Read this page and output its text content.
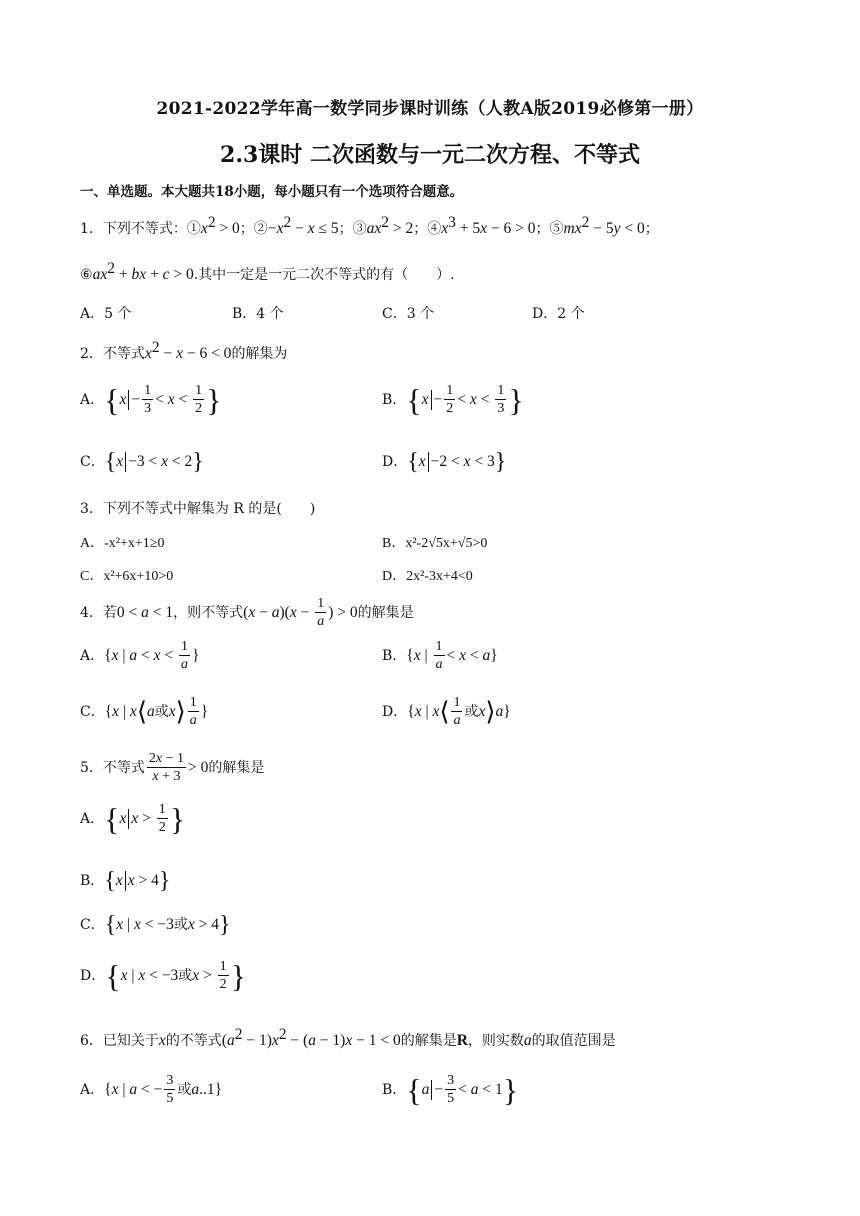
2021-2022学年高一数学同步课时训练（人教A版2019必修第一册）
2.3课时 二次函数与一元二次方程、不等式
一、单选题。本大题共18小题，每小题只有一个选项符合题意。
1．下列不等式：$①x^2 > 0$；$②-x^2 - x \le 5$；$③ax^2 > 2$；$④x^3 + 5x - 6 > 0$；$⑤mx^2 - 5y < 0$；
$⑥ax^2$ + bx + c > 0.其中一定是一元二次不等式的有（　　）.
A．5 个	B．4 个	C．3 个	D．2 个
2．不等式$x^2 - x - 6 < 0$的解集为
A．{$x - \frac{1}{3} < x < \frac{1}{2}$ }	B．{$x - \frac{1}{2} < x < \frac{1}{3}$ }
C．{x −3 < x < 2}	D．{x −2 < x < 3}
3．下列不等式中解集为 R 的是(　　)
A．-x²+x+1≥0	B．x²-2√5x+√5>0
C．x²+6x+10>0	D．2x²-3x+4<0
4．若0 < a < 1，则不等式$(x - a)(x - \frac{1}{a}$ ) > 0的解集是
A．{x | $a < x < \frac{1}{a}$ }	B．{x | $\frac{1}{a} < x < a$}
C．{x | x⟨a或x⟩ $\frac{1}{a}$ }	D．{x | x⟨ $\frac{1}{a}$ 或x⟩a}
5．不等式 $\frac{2x - 1}{x + 3} > 0$的解集是
A．{x $x > \frac{1}{2}$ }
B．{x x > 4}
C．{x | x < −3或x > 4}
D．{x | x < −3或$x > \frac{1}{2}$ }
6．已知关于x的不等式$(a^2 - 1)x^2 - (a - 1)x - 1 < 0$的解集是R，则实数a的取值范围是
A．{x | a < − $\frac{3}{5}$ 或a..1}	B．$\{a - \frac{3}{5} < a < 1\}$
